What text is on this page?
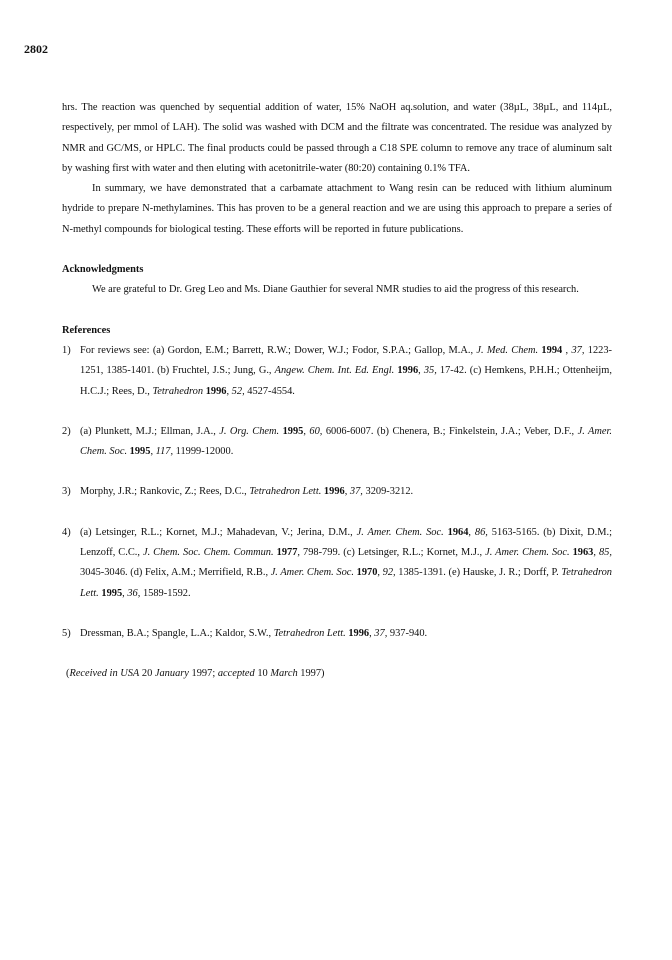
2802

hrs. The reaction was quenched by sequential addition of water, 15% NaOH aq.solution, and water (38µL, 38µL, and 114µL, respectively, per mmol of LAH). The solid was washed with DCM and the filtrate was concentrated. The residue was analyzed by NMR and GC/MS, or HPLC. The final products could be passed through a C18 SPE column to remove any trace of aluminum salt by washing first with water and then eluting with acetonitrile-water (80:20) containing 0.1% TFA.

In summary, we have demonstrated that a carbamate attachment to Wang resin can be reduced with lithium aluminum hydride to prepare N-methylamines. This has proven to be a general reaction and we are using this approach to prepare a series of N-methyl compounds for biological testing. These efforts will be reported in future publications.

Acknowledgments

We are grateful to Dr. Greg Leo and Ms. Diane Gauthier for several NMR studies to aid the progress of this research.

References

1) For reviews see: (a) Gordon, E.M.; Barrett, R.W.; Dower, W.J.; Fodor, S.P.A.; Gallop, M.A., J. Med. Chem. 1994 , 37, 1223-1251, 1385-1401. (b) Fruchtel, J.S.; Jung, G., Angew. Chem. Int. Ed. Engl. 1996, 35, 17-42. (c) Hemkens, P.H.H.; Ottenheijm, H.C.J.; Rees, D., Tetrahedron 1996, 52, 4527-4554.
2) (a) Plunkett, M.J.; Ellman, J.A., J. Org. Chem. 1995, 60, 6006-6007. (b) Chenera, B.; Finkelstein, J.A.; Veber, D.F., J. Amer. Chem. Soc. 1995, 117, 11999-12000.
3) Morphy, J.R.; Rankovic, Z.; Rees, D.C., Tetrahedron Lett. 1996, 37, 3209-3212.
4) (a) Letsinger, R.L.; Kornet, M.J.; Mahadevan, V.; Jerina, D.M., J. Amer. Chem. Soc. 1964, 86, 5163-5165. (b) Dixit, D.M.; Lenzoff, C.C., J. Chem. Soc. Chem. Commun. 1977, 798-799. (c) Letsinger, R.L.; Kornet, M.J., J. Amer. Chem. Soc. 1963, 85, 3045-3046. (d) Felix, A.M.; Merrifield, R.B., J. Amer. Chem. Soc. 1970, 92, 1385-1391. (e) Hauske, J. R.; Dorff, P. Tetrahedron Lett. 1995, 36, 1589-1592.
5) Dressman, B.A.; Spangle, L.A.; Kaldor, S.W., Tetrahedron Lett. 1996, 37, 937-940.

(Received in USA 20 January 1997; accepted 10 March 1997)
